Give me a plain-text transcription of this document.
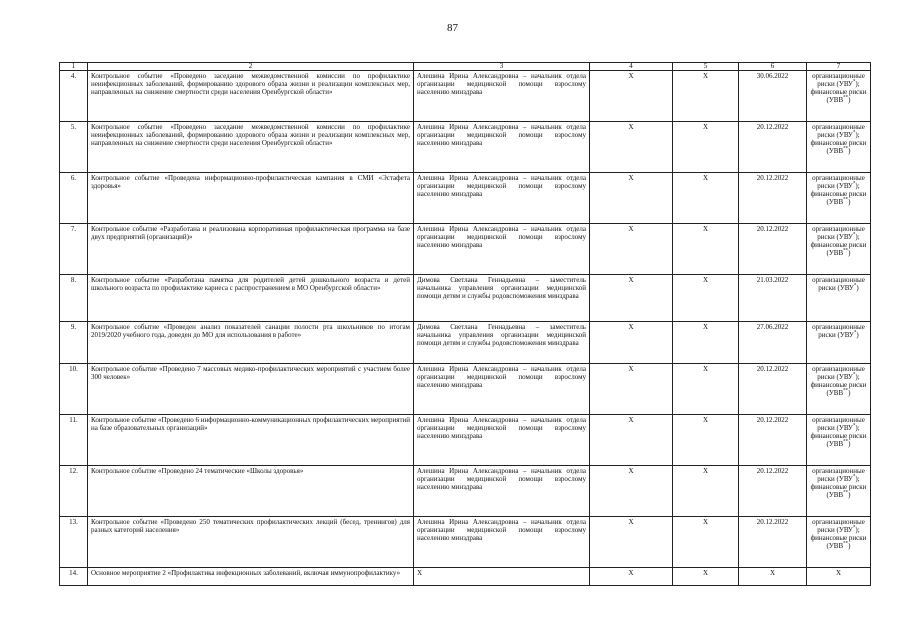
87
1	2	3	4	5	6	7
4.	Контрольное событие «Проведено заседание межведомственной комиссии по профилактике неинфекционных заболеваний, формированию здорового образа жизни и реализации комплексных мер, направленных на снижение смертности среди населения Оренбургской области»	Алешина Ирина Александровна – начальник отдела организации медицинской помощи взрослому населению минздрава	Х	Х	30.06.2022	организационные риски (УВУ*); финансовые риски (УВВ**)
5.	Контрольное событие «Проведено заседание межведомственной комиссии по профилактике неинфекционных заболеваний, формированию здорового образа жизни и реализации комплексных мер, направленных на снижение смертности среди населения Оренбургской области»	Алешина Ирина Александровна – начальник отдела организации медицинской помощи взрослому населению минздрава	Х	Х	20.12.2022	организационные риски (УВУ*); финансовые риски (УВВ**)
6.	Контрольное событие «Проведена информационно-профилактическая кампания в СМИ «Эстафета здоровья»	Алешина Ирина Александровна – начальник отдела организации медицинской помощи взрослому населению минздрава	Х	Х	20.12.2022	организационные риски (УВУ*); финансовые риски (УВВ**)
7.	Контрольное событие «Разработана и реализована корпоративная профилактическая программа на базе двух предприятий (организаций)»	Алешина Ирина Александровна – начальник отдела организации медицинской помощи взрослому населению минздрава	Х	Х	20.12.2022	организационные риски (УВУ*); финансовые риски (УВВ**)
8.	Контрольное событие «Разработана памятка для родителей детей дошкольного возраста и детей школьного возраста по профилактике кариеса с распространением в МО Оренбургской области»	Димова Светлана Геннадьевна – заместитель начальника управления организации медицинской помощи детям и службы родовспоможения минздрава	Х	Х	21.03.2022	организационные риски (УВУ*)
9.	Контрольное событие «Проведен анализ показателей санации полости рта школьников по итогам 2019/2020 учебного года, доведен до МО для использования в работе»	Димова Светлана Геннадьевна – заместитель начальника управления организации медицинской помощи детям и службы родовспоможения минздрава	Х	Х	27.06.2022	организационные риски (УВУ*)
10.	Контрольное событие «Проведено 7 массовых медико-профилактических мероприятий с участием более 300 человек»	Алешина Ирина Александровна – начальник отдела организации медицинской помощи взрослому населению минздрава	Х	Х	20.12.2022	организационные риски (УВУ*); финансовые риски (УВВ**)
11.	Контрольное событие «Проведено 6 информационно-коммуникационных профилактических мероприятий на базе образовательных организаций»	Алешина Ирина Александровна – начальник отдела организации медицинской помощи взрослому населению минздрава	Х	Х	20.12.2022	организационные риски (УВУ*); финансовые риски (УВВ**)
12.	Контрольное событие «Проведено 24 тематические «Школы здоровья»	Алешина Ирина Александровна – начальник отдела организации медицинской помощи взрослому населению минздрава	Х	Х	20.12.2022	организационные риски (УВУ*); финансовые риски (УВВ**)
13.	Контрольное событие «Проведено 250 тематических профилактических лекций (бесед, тренингов) для разных категорий населения»	Алешина Ирина Александровна – начальник отдела организации медицинской помощи взрослому населению минздрава	Х	Х	20.12.2022	организационные риски (УВУ*); финансовые риски (УВВ**)
14.	Основное мероприятие 2 «Профилактика инфекционных заболеваний, включая иммунопрофилактику»	Х	Х	Х	Х	Х
